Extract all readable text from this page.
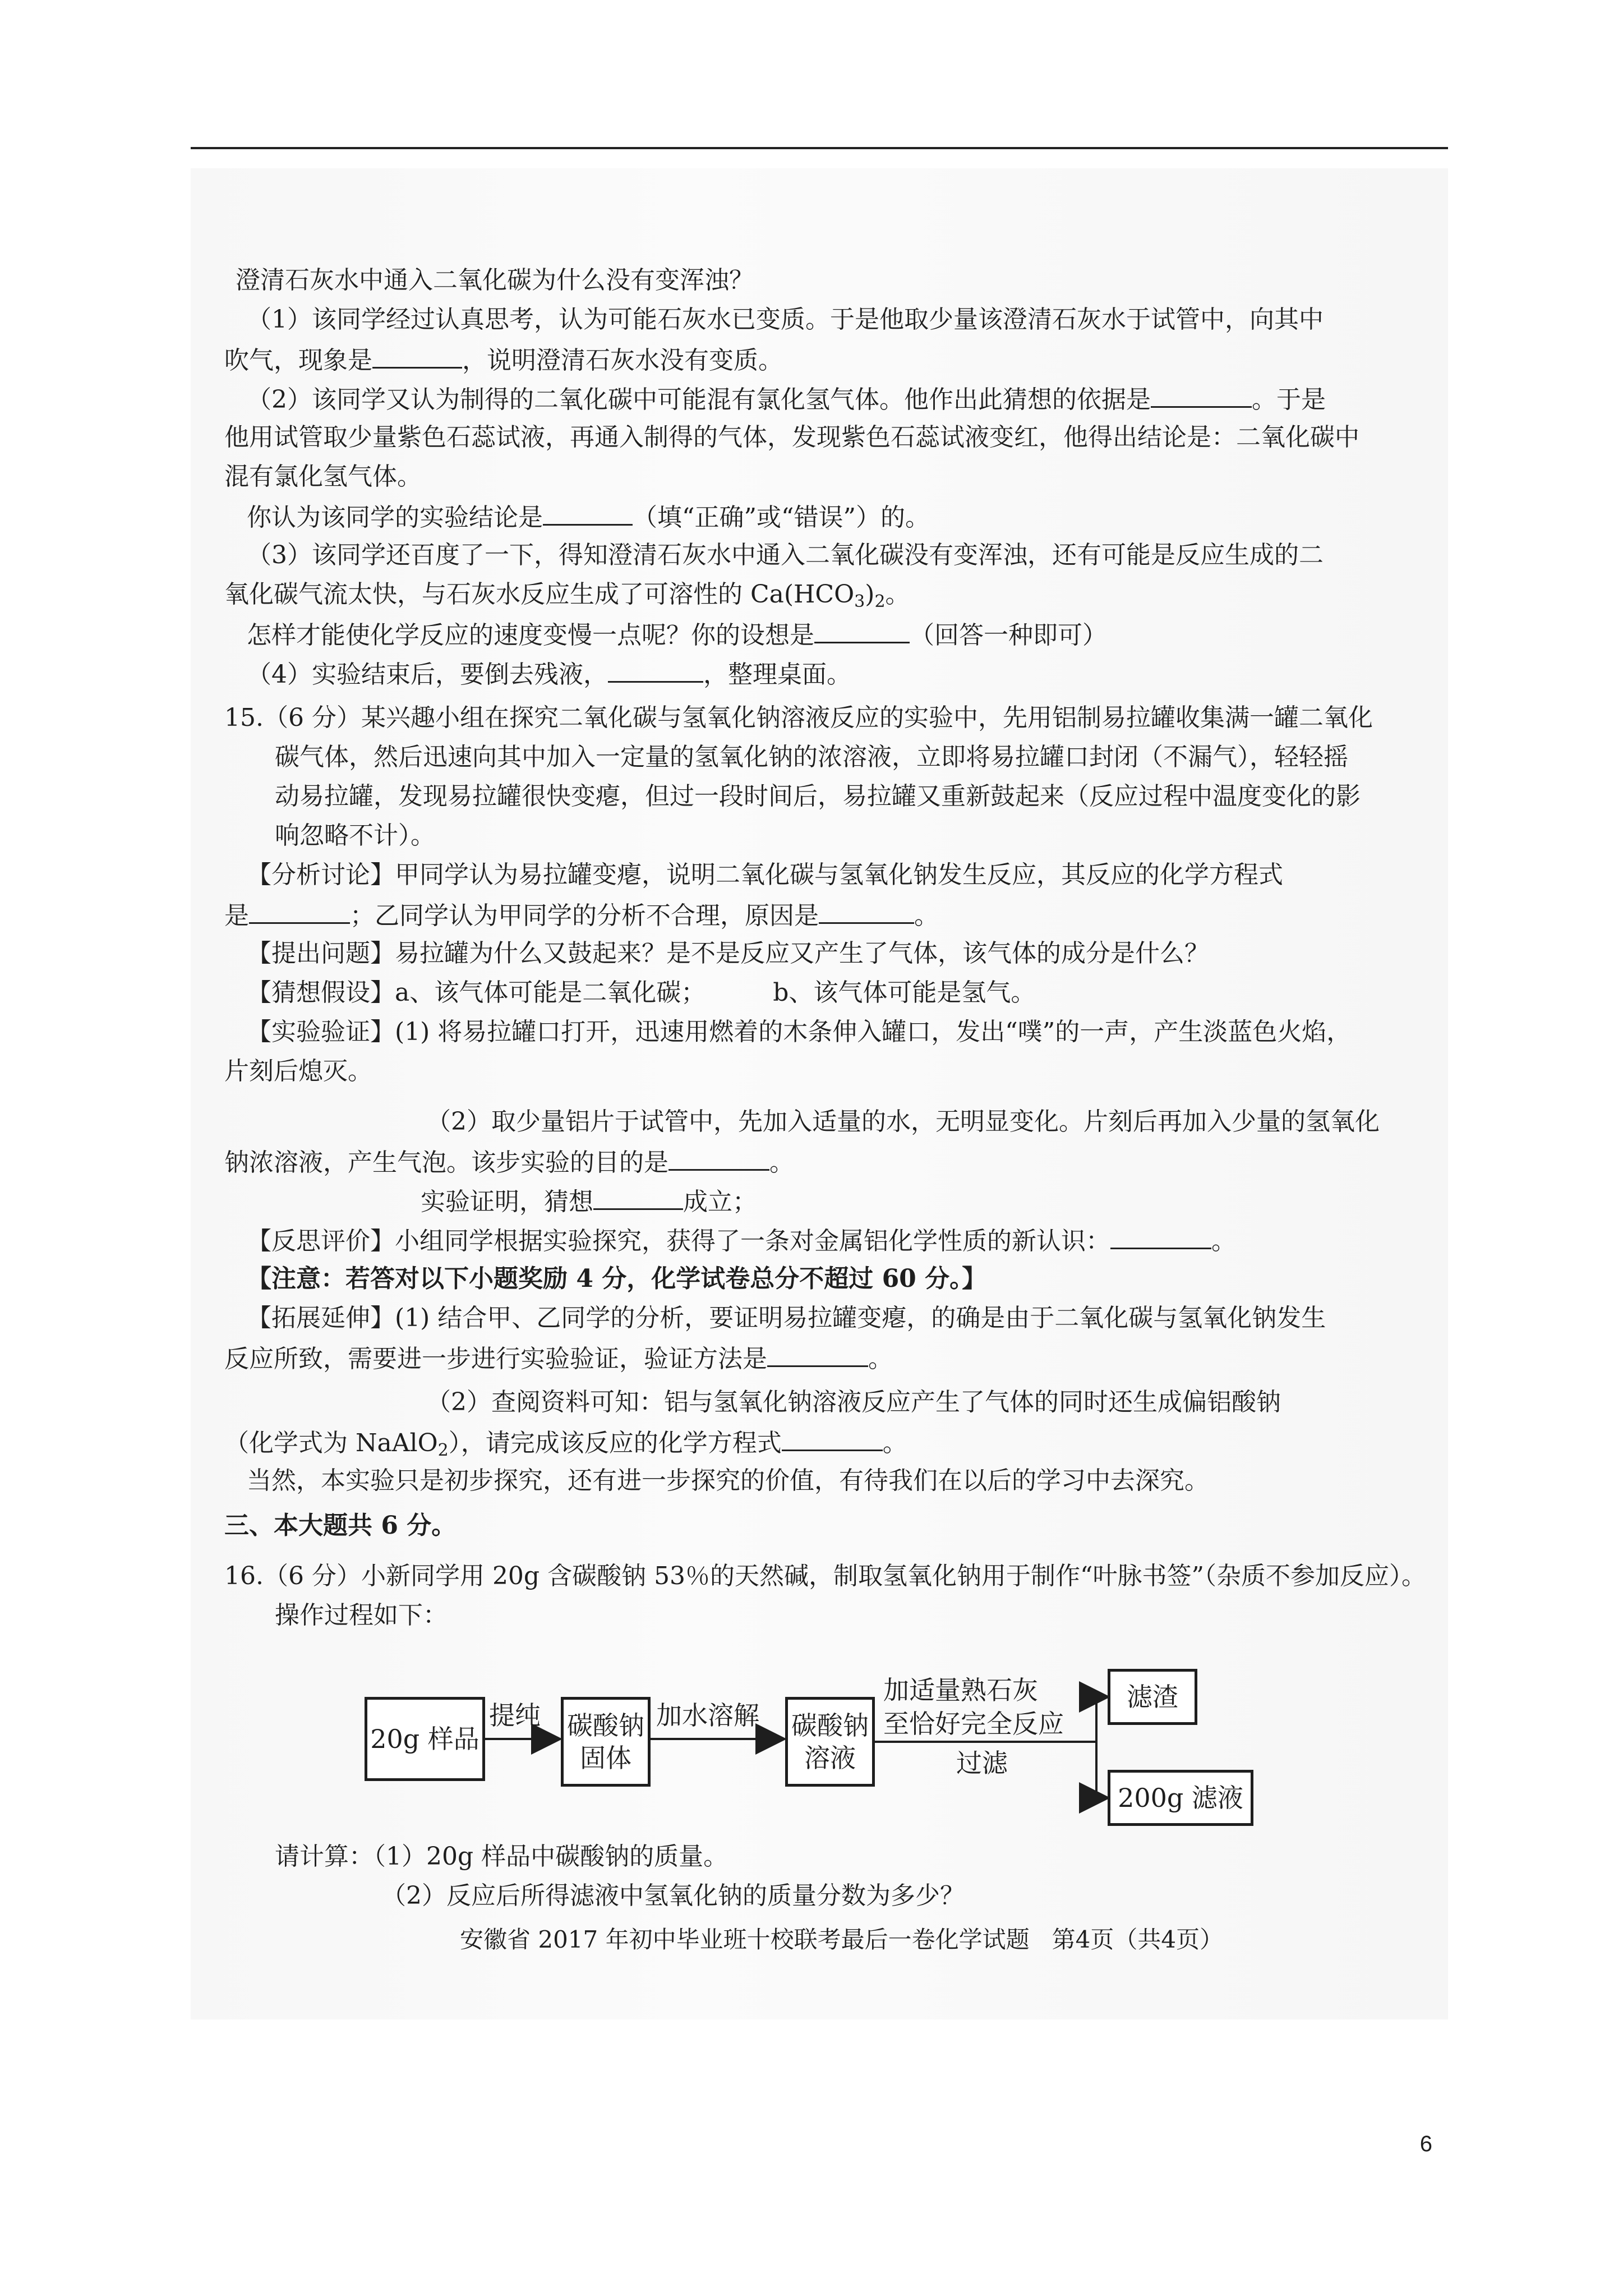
澄清石灰水中通入二氧化碳为什么没有变浑浊？
（1）该同学经过认真思考，认为可能石灰水已变质。于是他取少量该澄清石灰水于试管中，向其中
吹气，现象是	，说明澄清石灰水没有变质。
（2）该同学又认为制得的二氧化碳中可能混有氯化氢气体。他作出此猜想的依据是	。于是
他用试管取少量紫色石蕊试液，再通入制得的气体，发现紫色石蕊试液变红，他得出结论是：二氧化碳中
混有氯化氢气体。
你认为该同学的实验结论是	（填“正确”或“错误”）的。
（3）该同学还百度了一下，得知澄清石灰水中通入二氧化碳没有变浑浊，还有可能是反应生成的二
氧化碳气流太快，与石灰水反应生成了可溶性的 $Ca(HCO_3)_2$。
怎样才能使化学反应的速度变慢一点呢？你的设想是	（回答一种即可）
（4）实验结束后，要倒去残液，	，整理桌面。
15.（6 分）某兴趣小组在探究二氧化碳与氢氧化钠溶液反应的实验中，先用铝制易拉罐收集满一罐二氧化
碳气体，然后迅速向其中加入一定量的氢氧化钠的浓溶液，立即将易拉罐口封闭（不漏气），轻轻摇
动易拉罐，发现易拉罐很快变瘪，但过一段时间后，易拉罐又重新鼓起来（反应过程中温度变化的影
响忽略不计）。
【分析讨论】甲同学认为易拉罐变瘪，说明二氧化碳与氢氧化钠发生反应，其反应的化学方程式
是	；乙同学认为甲同学的分析不合理，原因是	。
【提出问题】易拉罐为什么又鼓起来？是不是反应又产生了气体，该气体的成分是什么？
【猜想假设】a、该气体可能是二氧化碳；	b、该气体可能是氢气。
【实验验证】(1) 将易拉罐口打开，迅速用燃着的木条伸入罐口，发出“噗”的一声，产生淡蓝色火焰，
片刻后熄灭。
（2）取少量铝片于试管中，先加入适量的水，无明显变化。片刻后再加入少量的氢氧化
钠浓溶液，产生气泡。该步实验的目的是	。
实验证明，猜想	成立；
【反思评价】小组同学根据实验探究，获得了一条对金属铝化学性质的新认识：	。
【注意：若答对以下小题奖励 4 分，化学试卷总分不超过 60 分。】
【拓展延伸】(1) 结合甲、乙同学的分析，要证明易拉罐变瘪，的确是由于二氧化碳与氢氧化钠发生
反应所致，需要进一步进行实验验证，验证方法是	。
（2）查阅资料可知：铝与氢氧化钠溶液反应产生了气体的同时还生成偏铝酸钠
（化学式为 NaAlO$_2$），请完成该反应的化学方程式	。
当然，本实验只是初步探究，还有进一步探究的价值，有待我们在以后的学习中去深究。
三、本大题共 6 分。
16.（6 分）小新同学用 20g 含碳酸钠 53％的天然碱，制取氢氧化钠用于制作“叶脉书签”（杂质不参加反应）。
操作过程如下：
20g 样品
提纯 碳酸钠
固体
加水溶解 碳酸钠
溶液
加适量熟石灰
至恰好完全反应
过滤
滤渣
200g 滤液
请计算：（1）20g 样品中碳酸钠的质量。
（2）反应后所得滤液中氢氧化钠的质量分数为多少？
安徽省 2017 年初中毕业班十校联考最后一卷化学试题   第4页（共4页）
6
